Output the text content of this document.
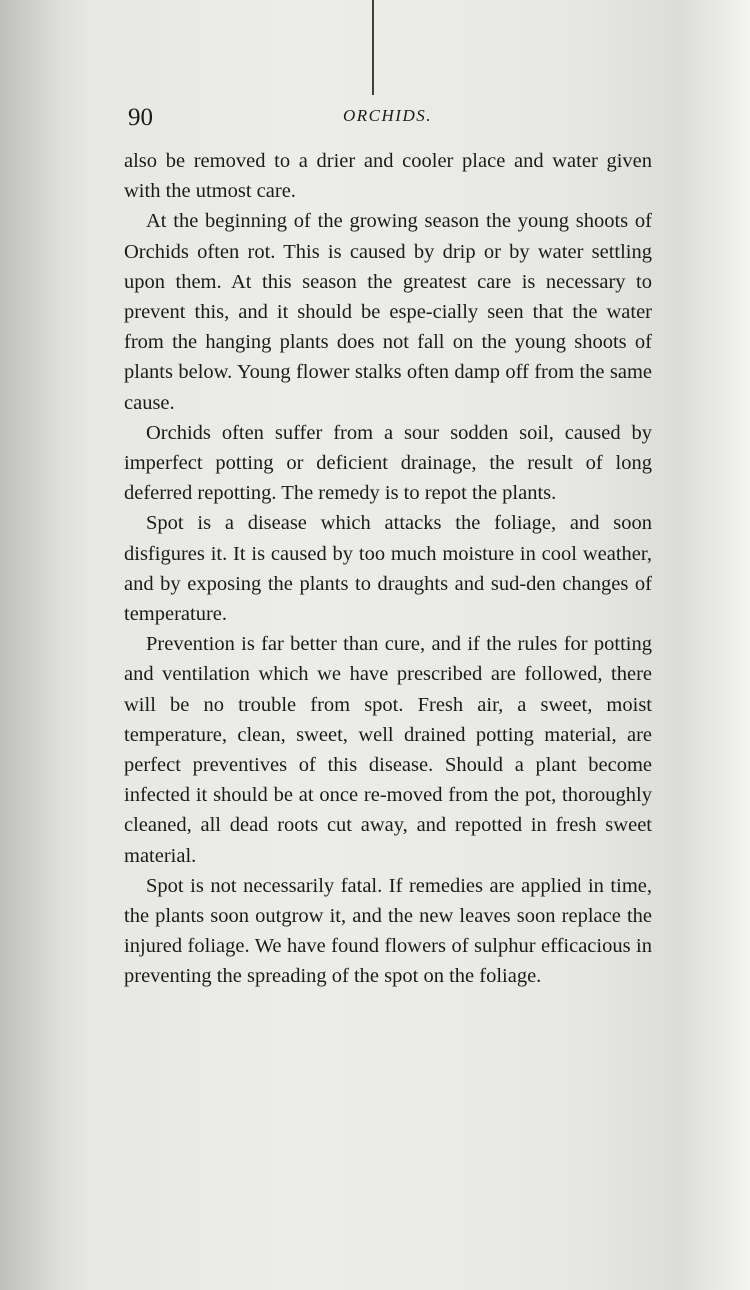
90	ORCHIDS.

also be removed to a drier and cooler place and water given with the utmost care.

At the beginning of the growing season the young shoots of Orchids often rot. This is caused by drip or by water settling upon them. At this season the greatest care is necessary to prevent this, and it should be espe-cially seen that the water from the hanging plants does not fall on the young shoots of plants below. Young flower stalks often damp off from the same cause.

Orchids often suffer from a sour sodden soil, caused by imperfect potting or deficient drainage, the result of long deferred repotting. The remedy is to repot the plants.

Spot is a disease which attacks the foliage, and soon disfigures it. It is caused by too much moisture in cool weather, and by exposing the plants to draughts and sud-den changes of temperature.

Prevention is far better than cure, and if the rules for potting and ventilation which we have prescribed are followed, there will be no trouble from spot. Fresh air, a sweet, moist temperature, clean, sweet, well drained potting material, are perfect preventives of this disease. Should a plant become infected it should be at once re-moved from the pot, thoroughly cleaned, all dead roots cut away, and repotted in fresh sweet material.

Spot is not necessarily fatal. If remedies are applied in time, the plants soon outgrow it, and the new leaves soon replace the injured foliage. We have found flowers of sulphur efficacious in preventing the spreading of the spot on the foliage.
